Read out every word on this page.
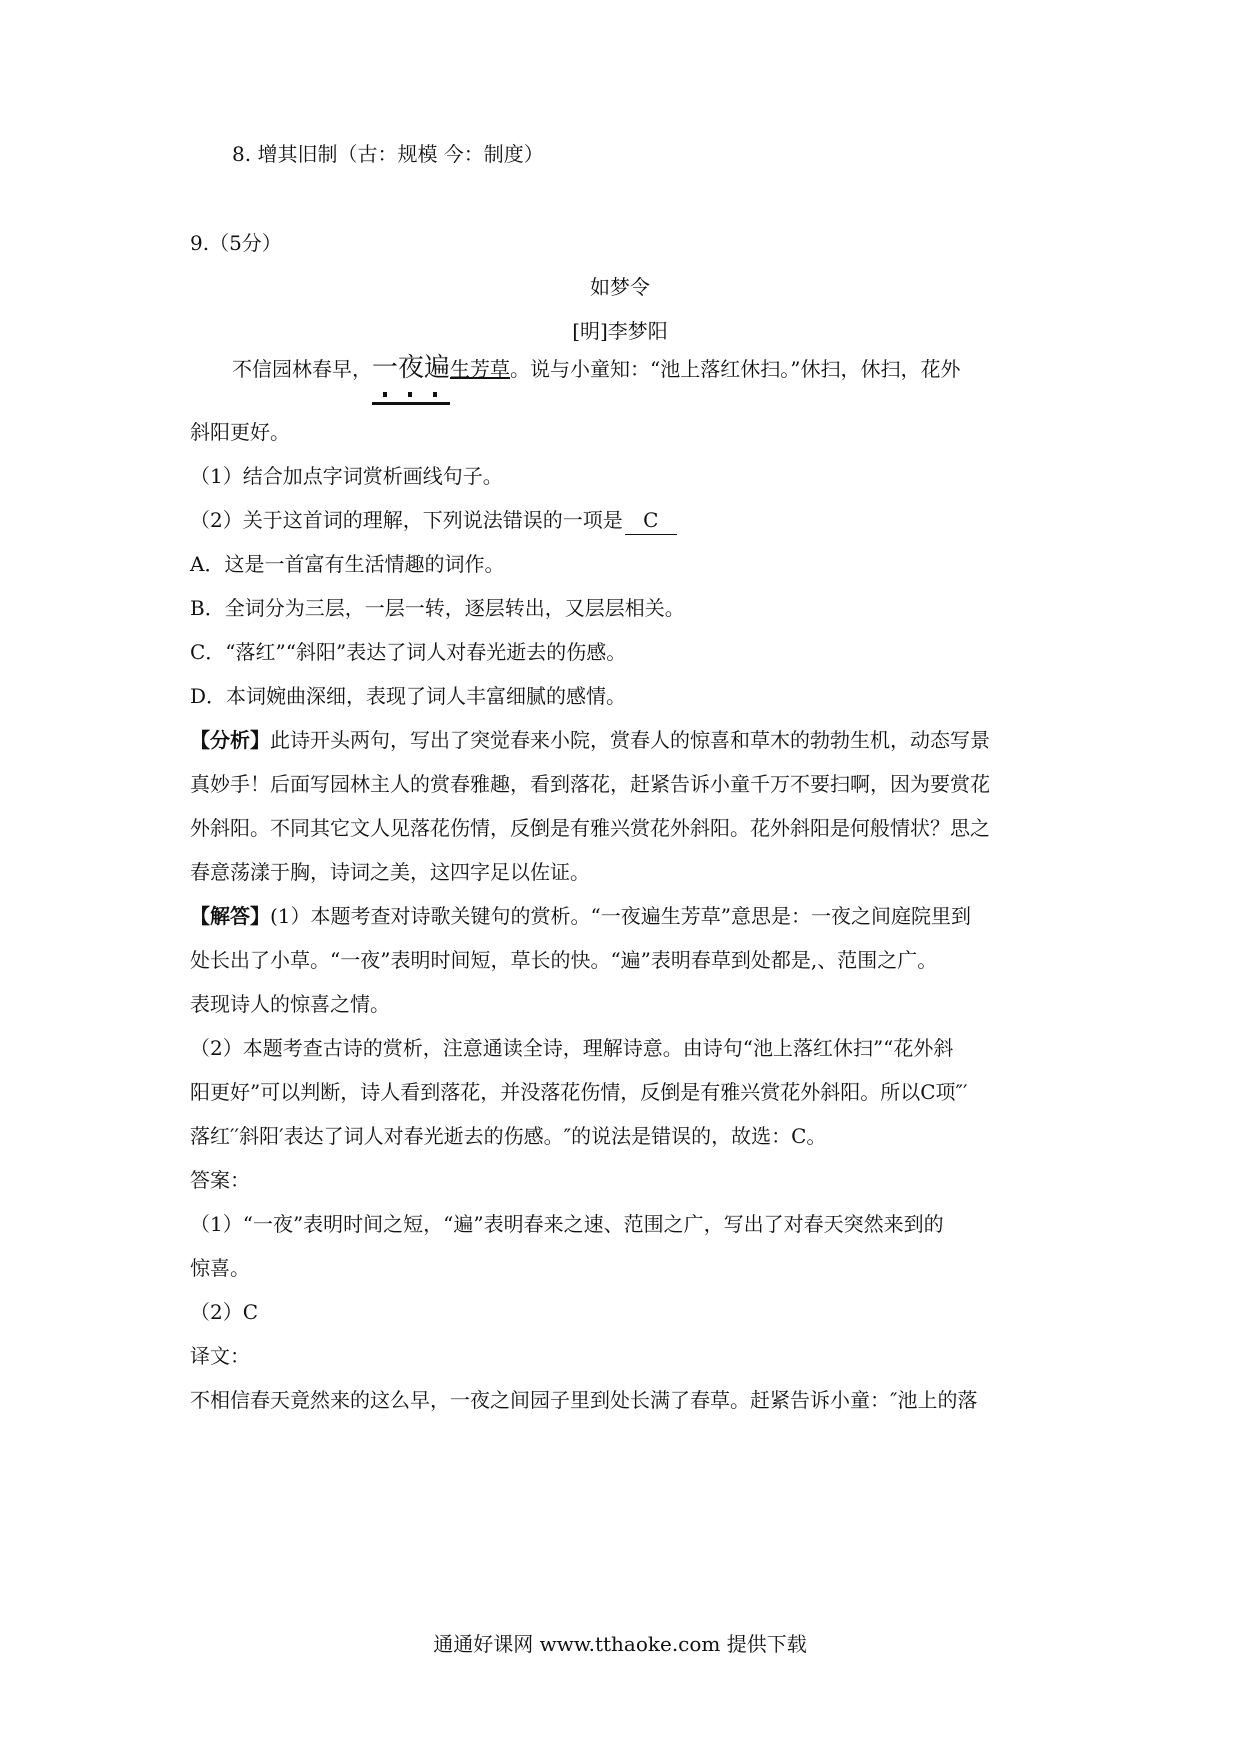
8. 增其旧制（古：规模 今：制度）
9.（5分）
如梦令
[明]李梦阳
不信园林春早，一夜遍
生芳草。说与小童知：“池上落红休扫。”休扫，休扫，花外
斜阳更好。
（1）结合加点字词赏析画线句子。
（2）关于这首词的理解，下列说法错误的一项是 C
A．这是一首富有生活情趣的词作。
B．全词分为三层，一层一转，逐层转出，又层层相关。
C．“落红”“斜阳”表达了词人对春光逝去的伤感。
D．本词婉曲深细，表现了词人丰富细腻的感情。
【分析】此诗开头两句，写出了突觉春来小院，赏春人的惊喜和草木的勃勃生机，动态写景
真妙手！后面写园林主人的赏春雅趣，看到落花，赶紧告诉小童千万不要扫啊，因为要赏花
外斜阳。不同其它文人见落花伤情，反倒是有雅兴赏花外斜阳。花外斜阳是何般情状？思之
春意荡漾于胸，诗词之美，这四字足以佐证。
【解答】(1）本题考查对诗歌关键句的赏析。“一夜遍生芳草”意思是：一夜之间庭院里到
处长出了小草。“一夜”表明时间短，草长的快。“遍”表明春草到处都是,、范围之广。
表现诗人的惊喜之情。
（2）本题考查古诗的赏析，注意通读全诗，理解诗意。由诗句“池上落红休扫”“花外斜
阳更好”可以判断，诗人看到落花，并没落花伤情，反倒是有雅兴赏花外斜阳。所以C项″′
落红′′斜阳′表达了词人对春光逝去的伤感。″的说法是错误的，故选：C。
答案：
（1）“一夜”表明时间之短，“遍”表明春来之速、范围之广，写出了对春天突然来到的
惊喜。
（2）C
译文：
不相信春天竟然来的这么早，一夜之间园子里到处长满了春草。赶紧告诉小童：″池上的落
通通好课网 www.tthaoke.com 提供下载
